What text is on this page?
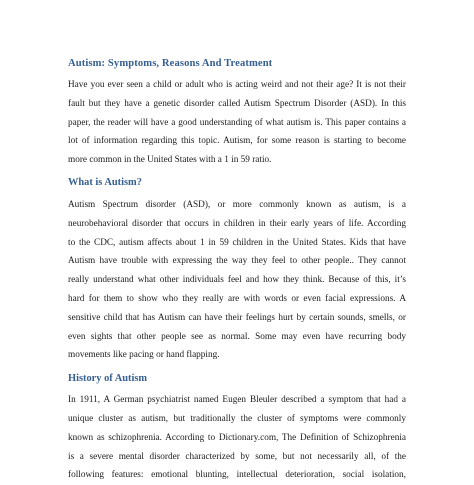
Autism: Symptoms, Reasons And Treatment
Have you ever seen a child or adult who is acting weird and not their age? It is not their
fault but they have a genetic disorder called Autism Spectrum Disorder (ASD). In this
paper, the reader will have a good understanding of what autism is. This paper contains a
lot of information regarding this topic. Autism, for some reason is starting to become
more common in the United States with a 1 in 59 ratio.
What is Autism?
Autism Spectrum disorder (ASD), or more commonly known as autism, is a
neurobehavioral disorder that occurs in children in their early years of life. According
to the CDC, autism affects about 1 in 59 children in the United States. Kids that have
Autism have trouble with expressing the way they feel to other people.. They cannot
really understand what other individuals feel and how they think. Because of this, it’s
hard for them to show who they really are with words or even facial expressions. A
sensitive child that has Autism can have their feelings hurt by certain sounds, smells, or
even sights that other people see as normal. Some may even have recurring body
movements like pacing or hand flapping.
History of Autism
In 1911, A German psychiatrist named Eugen Bleuler described a symptom that had a
unique cluster as autism, but traditionally the cluster of symptoms were commonly
known as schizophrenia. According to Dictionary.com, The Definition of Schizophrenia
is a severe mental disorder characterized by some, but not necessarily all, of the
following features: emotional blunting, intellectual deterioration, social isolation,
